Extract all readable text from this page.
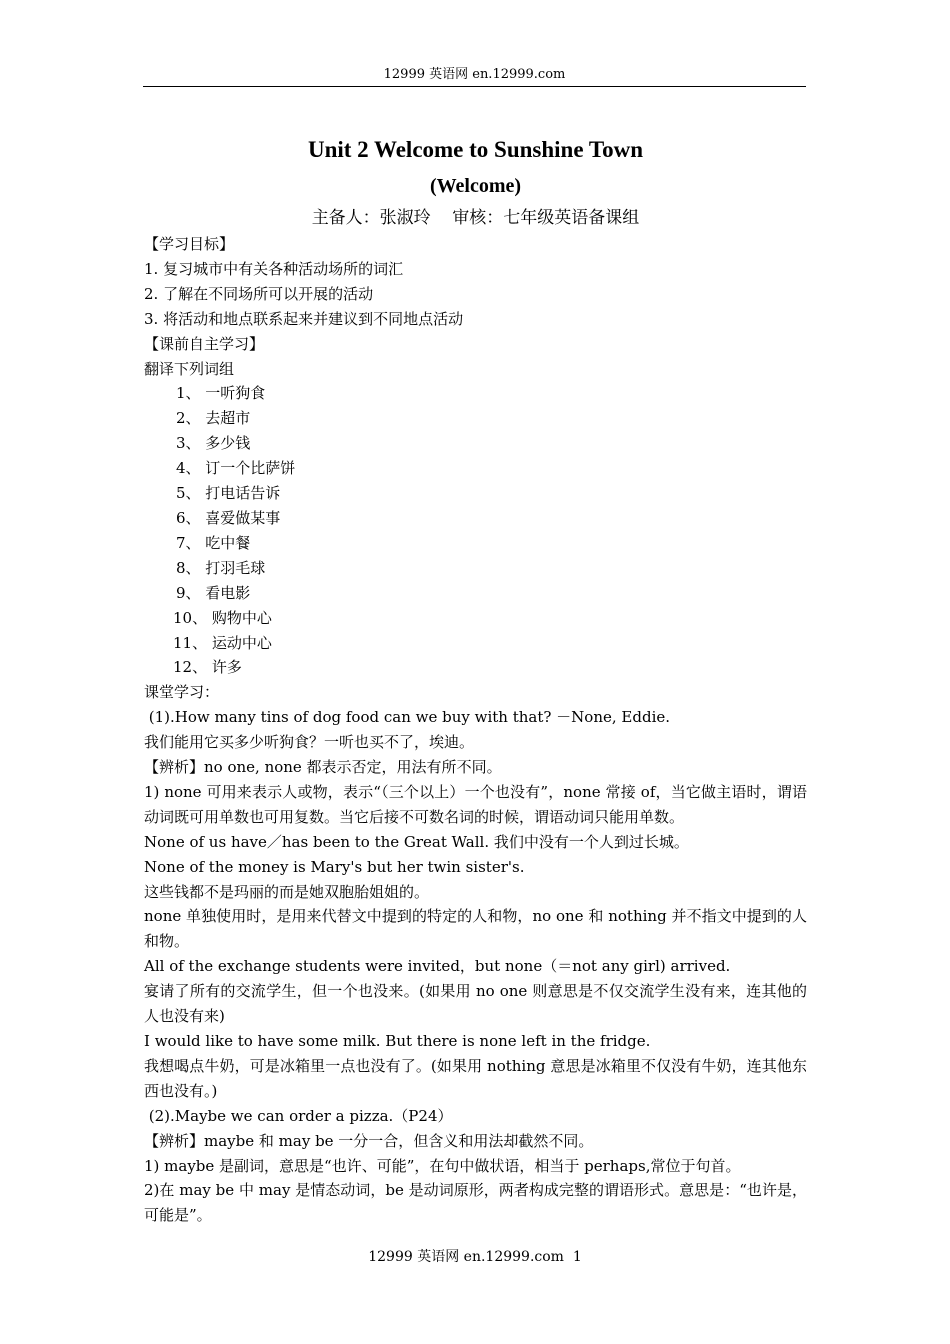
12999 英语网 en.12999.com

Unit 2 Welcome to Sunshine Town

(Welcome)

主备人：张淑玲    审核：七年级英语备课组

【学习目标】

1. 复习城市中有关各种活动场所的词汇

2. 了解在不同场所可以开展的活动

3. 将活动和地点联系起来并建议到不同地点活动

【课前自主学习】

翻译下列词组

1、 一听狗食

2、 去超市

3、 多少钱

4、 订一个比萨饼

5、 打电话告诉

6、 喜爱做某事

7、 吃中餐

8、 打羽毛球

9、 看电影

10、 购物中心

11、 运动中心

12、 许多

课堂学习：

(1).How many tins of dog food can we buy with that? －None, Eddie.

我们能用它买多少听狗食？一听也买不了，埃迪。

【辨析】no one, none 都表示否定，用法有所不同。

1) none 可用来表示人或物，表示“（三个以上）一个也没有”，none 常接 of，当它做主语时，谓语动词既可用单数也可用复数。当它后接不可数名词的时候，谓语动词只能用单数。

None of us have／has been to the Great Wall. 我们中没有一个人到过长城。

None of the money is Mary's but her twin sister's.

这些钱都不是玛丽的而是她双胞胎姐姐的。

none 单独使用时，是用来代替文中提到的特定的人和物，no one 和 nothing 并不指文中提到的人和物。

All of the exchange students were invited，but none（＝not any girl) arrived.

宴请了所有的交流学生，但一个也没来。(如果用 no one 则意思是不仅交流学生没有来，连其他的人也没有来)

I would like to have some milk. But there is none left in the fridge.

我想喝点牛奶，可是冰箱里一点也没有了。(如果用 nothing 意思是冰箱里不仅没有牛奶，连其他东西也没有。)

(2).Maybe we can order a pizza.（P24）

【辨析】maybe 和 may be 一分一合，但含义和用法却截然不同。

1) maybe 是副词，意思是“也许、可能”，在句中做状语，相当于 perhaps,常位于句首。

2)在 may be 中 may 是情态动词，be 是动词原形，两者构成完整的谓语形式。意思是：“也许是，可能是”。

12999 英语网 en.12999.com  1
